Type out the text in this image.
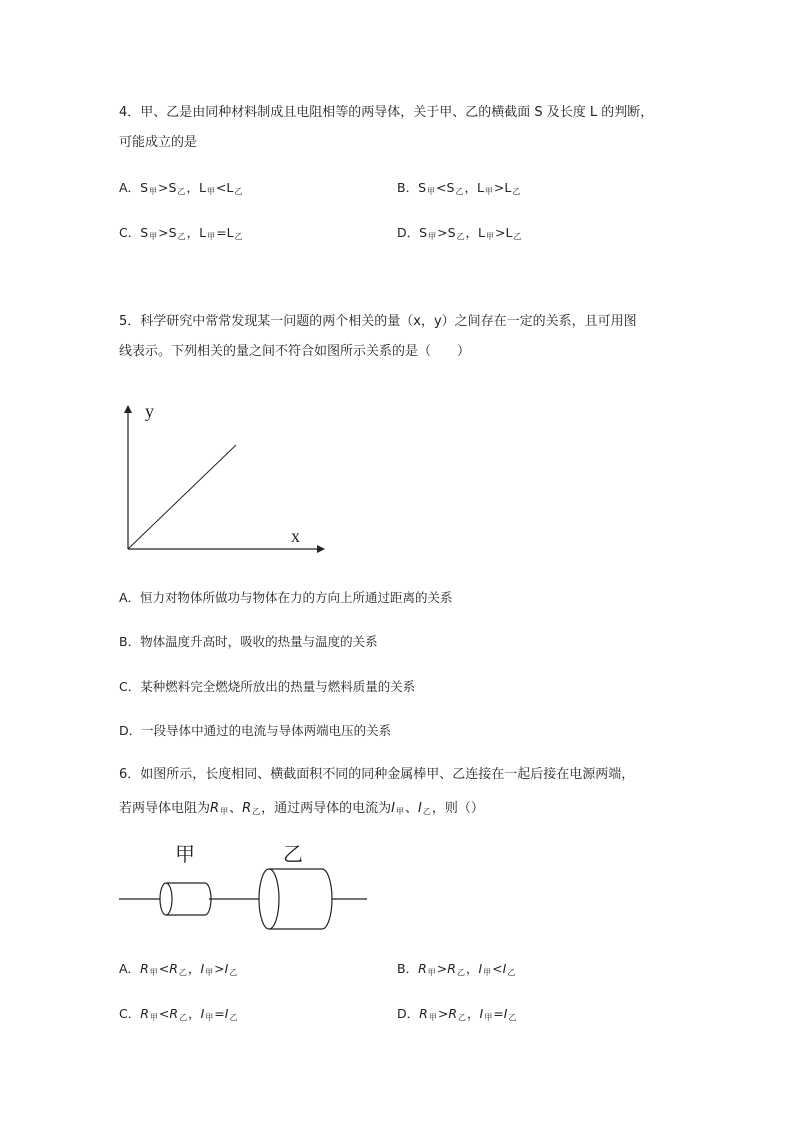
4．甲、乙是由同种材料制成且电阻相等的两导体，关于甲、乙的横截面 S 及长度 L 的判断，
可能成立的是
A．$S_甲>S_乙$，$L_甲<L_乙$	B．$S_甲<S_乙$，$L_甲>L_乙$
C．$S_甲>S_乙$，$L_甲=L_乙$	D．$S_甲>S_乙$，$L_甲>L_乙$
5．科学研究中常常发现某一问题的两个相关的量（x，y）之间存在一定的关系，且可用图
线表示。下列相关的量之间不符合如图所示关系的是（　　）
y
x
A．恒力对物体所做功与物体在力的方向上所通过距离的关系
B．物体温度升高时，吸收的热量与温度的关系
C．某种燃料完全燃烧所放出的热量与燃料质量的关系
D．一段导体中通过的电流与导体两端电压的关系
6．如图所示，长度相同、横截面积不同的同种金属棒甲、乙连接在一起后接在电源两端，
若两导体电阻为$R_甲$、$R_乙$，通过两导体的电流为$I_甲$、$I_乙$，则（）
甲	乙
A．$R_甲<R_乙$，$I_甲>I_乙$	B．$R_甲>R_乙$，$I_甲<I_乙$
C．$R_甲<R_乙$，$I_甲=I_乙$	D．$R_甲>R_乙$，$I_甲=I_乙$
